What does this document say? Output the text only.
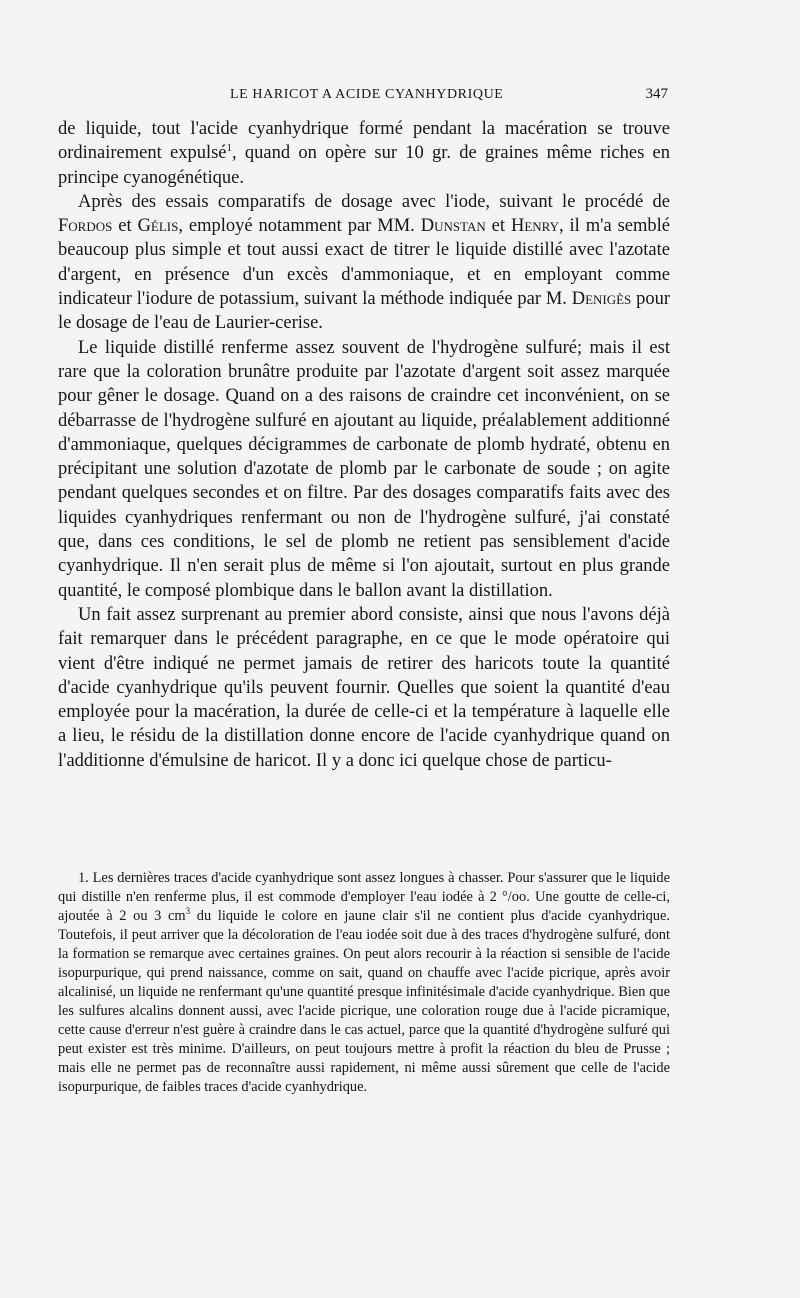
LE HARICOT A ACIDE CYANHYDRIQUE	347

de liquide, tout l'acide cyanhydrique formé pendant la macération se trouve ordinairement expulsé$^1$, quand on opère sur 10 gr. de graines même riches en principe cyanogénétique.

Après des essais comparatifs de dosage avec l'iode, suivant le procédé de Fordos et Gélis, employé notamment par MM. Dunstan et Henry, il m'a semblé beaucoup plus simple et tout aussi exact de titrer le liquide distillé avec l'azotate d'argent, en présence d'un excès d'ammoniaque, et en employant comme indicateur l'iodure de potassium, suivant la méthode indiquée par M. Denigès pour le dosage de l'eau de Laurier-cerise.

Le liquide distillé renferme assez souvent de l'hydrogène sulfuré; mais il est rare que la coloration brunâtre produite par l'azotate d'argent soit assez marquée pour gêner le dosage. Quand on a des raisons de craindre cet inconvénient, on se débarrasse de l'hydrogène sulfuré en ajoutant au liquide, préalablement additionné d'ammoniaque, quelques décigrammes de carbonate de plomb hydraté, obtenu en précipitant une solution d'azotate de plomb par le carbonate de soude ; on agite pendant quelques secondes et on filtre. Par des dosages comparatifs faits avec des liquides cyanhydriques renfermant ou non de l'hydrogène sulfuré, j'ai constaté que, dans ces conditions, le sel de plomb ne retient pas sensiblement d'acide cyanhydrique. Il n'en serait plus de même si l'on ajoutait, surtout en plus grande quantité, le composé plombique dans le ballon avant la distillation.

Un fait assez surprenant au premier abord consiste, ainsi que nous l'avons déjà fait remarquer dans le précédent paragraphe, en ce que le mode opératoire qui vient d'être indiqué ne permet jamais de retirer des haricots toute la quantité d'acide cyanhydrique qu'ils peuvent fournir. Quelles que soient la quantité d'eau employée pour la macération, la durée de celle-ci et la température à laquelle elle a lieu, le résidu de la distillation donne encore de l'acide cyanhydrique quand on l'additionne d'émulsine de haricot. Il y a donc ici quelque chose de particu-

1. Les dernières traces d'acide cyanhydrique sont assez longues à chasser. Pour s'assurer que le liquide qui distille n'en renferme plus, il est commode d'employer l'eau iodée à 2 °/oo. Une goutte de celle-ci, ajoutée à 2 ou 3 $cm^3$ du liquide le colore en jaune clair s'il ne contient plus d'acide cyanhydrique. Toutefois, il peut arriver que la décoloration de l'eau iodée soit due à des traces d'hydrogène sulfuré, dont la formation se remarque avec certaines graines. On peut alors recourir à la réaction si sensible de l'acide isopurpurique, qui prend naissance, comme on sait, quand on chauffe avec l'acide picrique, après avoir alcalinisé, un liquide ne renfermant qu'une quantité presque infinitésimale d'acide cyanhydrique. Bien que les sulfures alcalins donnent aussi, avec l'acide picrique, une coloration rouge due à l'acide picramique, cette cause d'erreur n'est guère à craindre dans le cas actuel, parce que la quantité d'hydrogène sulfuré qui peut exister est très minime. D'ailleurs, on peut toujours mettre à profit la réaction du bleu de Prusse ; mais elle ne permet pas de reconnaître aussi rapidement, ni même aussi sûrement que celle de l'acide isopurpurique, de faibles traces d'acide cyanhydrique.
